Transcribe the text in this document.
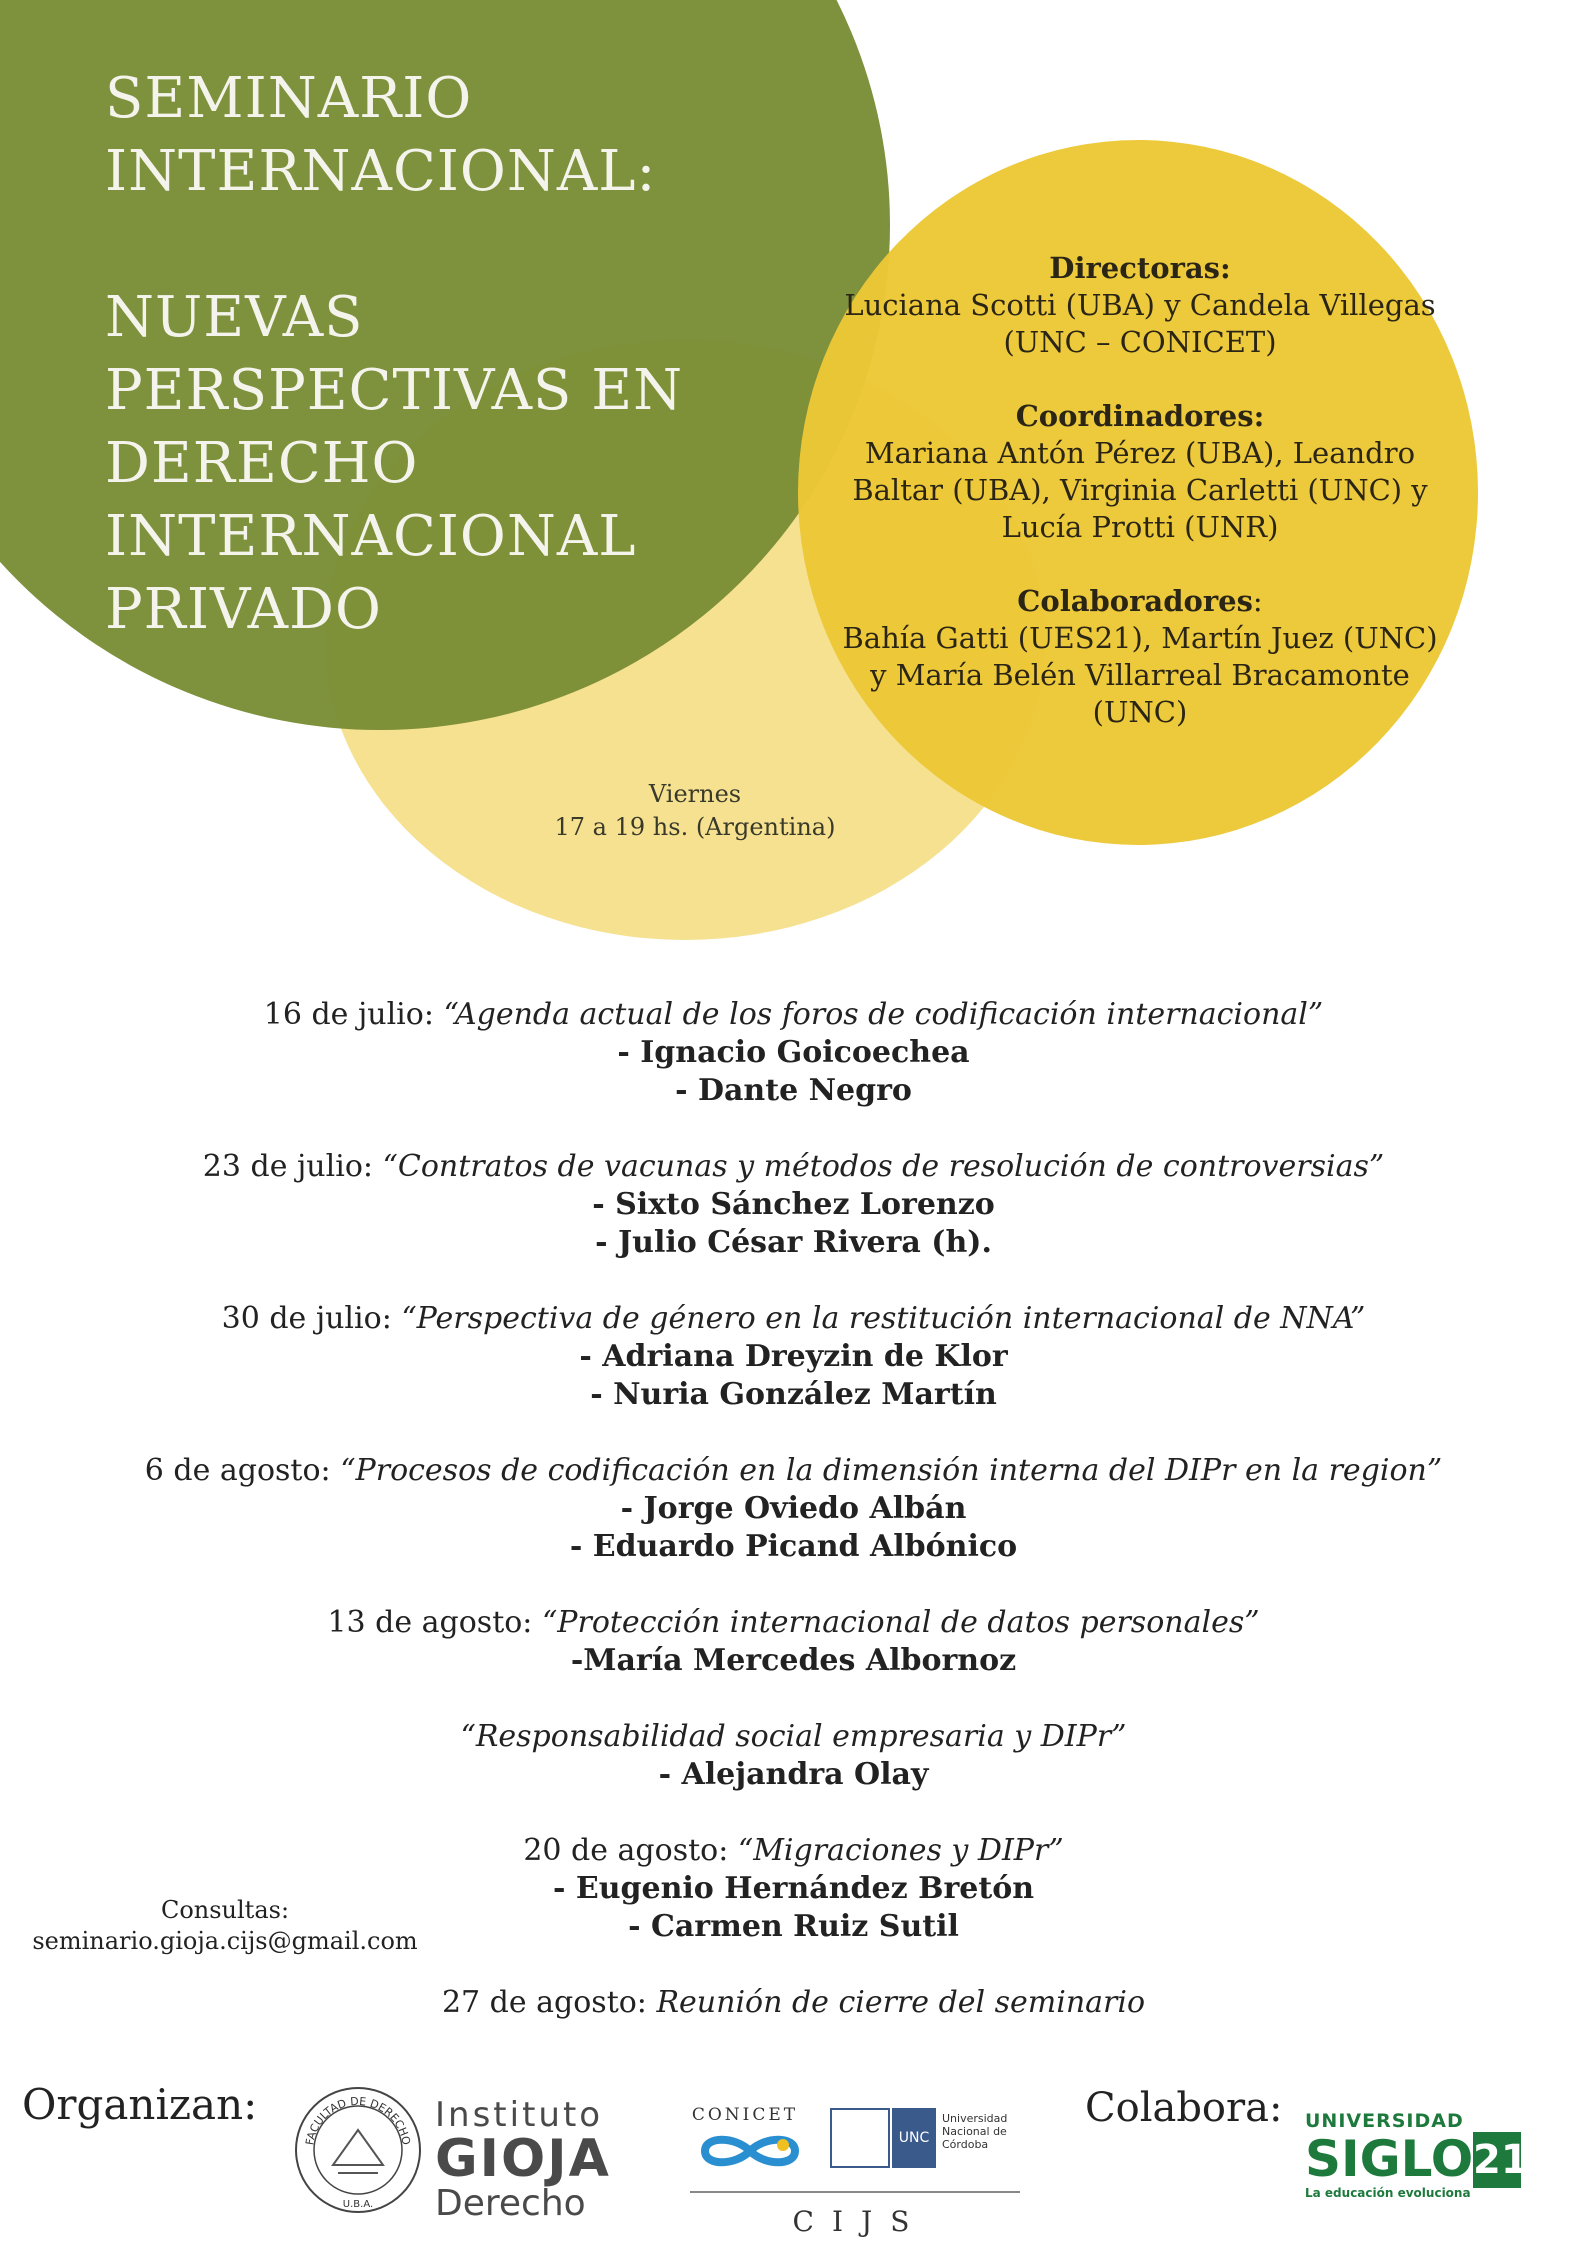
SEMINARIO
INTERNACIONAL:
NUEVAS
PERSPECTIVAS EN
DERECHO
INTERNACIONAL
PRIVADO
Directoras:
Luciana Scotti (UBA) y Candela Villegas
(UNC – CONICET)
Coordinadores:
Mariana Antón Pérez (UBA), Leandro
Baltar (UBA), Virginia Carletti (UNC) y
Lucía Protti (UNR)
Colaboradores:
Bahía Gatti (UES21), Martín Juez (UNC)
y María Belén Villarreal Bracamonte
(UNC)
Viernes
17 a 19 hs. (Argentina)
16 de julio: “Agenda actual de los foros de codificación internacional”
- Ignacio Goicoechea
- Dante Negro
23 de julio: “Contratos de vacunas y métodos de resolución de controversias”
- Sixto Sánchez Lorenzo
- Julio César Rivera (h).
30 de julio: “Perspectiva de género en la restitución internacional de NNA”
- Adriana Dreyzin de Klor
- Nuria González Martín
6 de agosto: “Procesos de codificación en la dimensión interna del DIPr en la region”
- Jorge Oviedo Albán
- Eduardo Picand Albónico
13 de agosto: “Protección internacional de datos personales”
-María Mercedes Albornoz
“Responsabilidad social empresaria y DIPr”
- Alejandra Olay
20 de agosto: “Migraciones y DIPr”
- Eugenio Hernández Bretón
- Carmen Ruiz Sutil
27 de agosto: Reunión de cierre del seminario
Consultas:
seminario.gioja.cijs@gmail.com
Organizan:
FACULTAD DE DERECHO
U.B.A.
Instituto
GIOJA
Derecho
CONICET
UNC
Universidad Nacional de Córdoba
CIJS
Colabora: UNIVERSIDAD
SIGLO 21
La educación evoluciona
